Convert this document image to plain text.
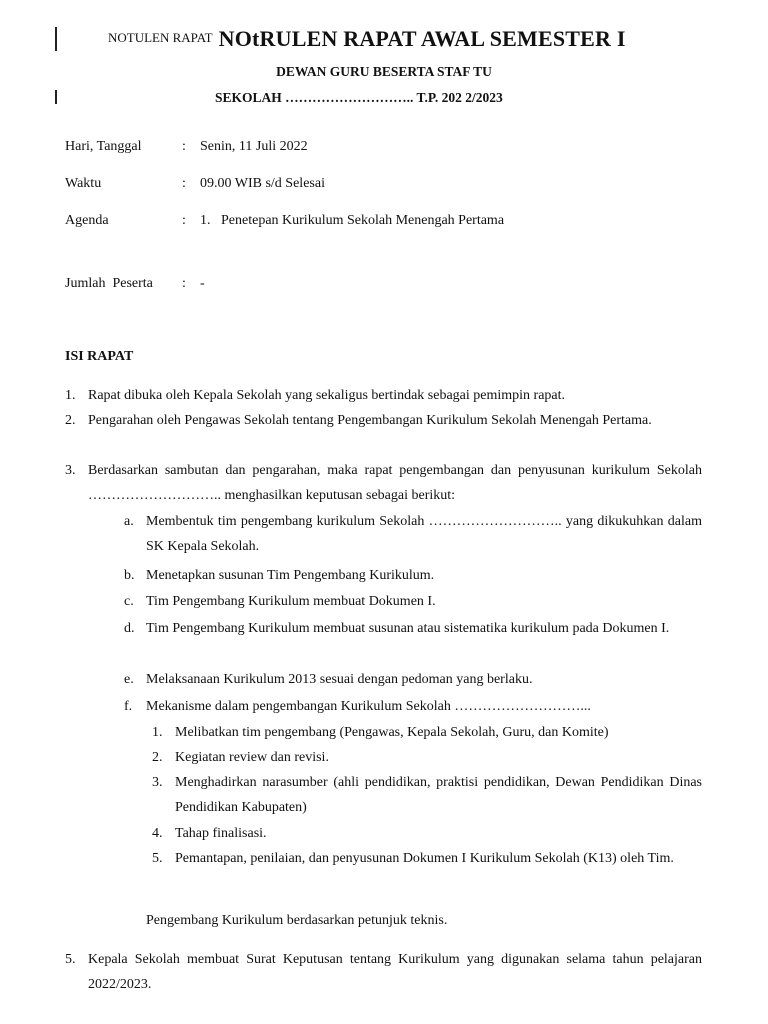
$^{NOTULEN RAPAT}$ NOtRULEN RAPAT AWAL SEMESTER I
DEWAN GURU BESERTA STAF TU
SEKOLAH ……………………….. T.P. 202 2/2023
Hari, Tanggal	: Senin, 11 Juli 2022
Waktu	: 09.00 WIB s/d Selesai
Agenda	: 1.   Penetepan Kurikulum Sekolah Menengah Pertama
Jumlah  Peserta : -
ISI RAPAT
1. Rapat dibuka oleh Kepala Sekolah yang sekaligus bertindak sebagai pemimpin rapat.
2. Pengarahan oleh Pengawas Sekolah tentang Pengembangan Kurikulum Sekolah Menengah Pertama.
3. Berdasarkan sambutan dan pengarahan, maka rapat pengembangan dan penyusunan kurikulum Sekolah ……………………….. menghasilkan keputusan sebagai berikut:
a. Membentuk tim pengembang kurikulum Sekolah ……………………….. yang dikukuhkan dalam SK Kepala Sekolah.
b. Menetapkan susunan Tim Pengembang Kurikulum.
c. Tim Pengembang Kurikulum membuat Dokumen I.
d. Tim Pengembang Kurikulum membuat susunan atau sistematika kurikulum pada Dokumen I.
e. Melaksanaan Kurikulum 2013 sesuai dengan pedoman yang berlaku.
f. Mekanisme dalam pengembangan Kurikulum Sekolah ………………………...
1. Melibatkan tim pengembang (Pengawas, Kepala Sekolah, Guru, dan Komite)
2. Kegiatan review dan revisi.
3. Menghadirkan narasumber (ahli pendidikan, praktisi pendidikan, Dewan Pendidikan Dinas Pendidikan Kabupaten)
4. Tahap finalisasi.
5. Pemantapan, penilaian, dan penyusunan Dokumen I Kurikulum Sekolah (K13) oleh Tim.
Pengembang Kurikulum berdasarkan petunjuk teknis.
5. Kepala Sekolah membuat Surat Keputusan tentang Kurikulum yang digunakan selama tahun pelajaran 2022/2023.
